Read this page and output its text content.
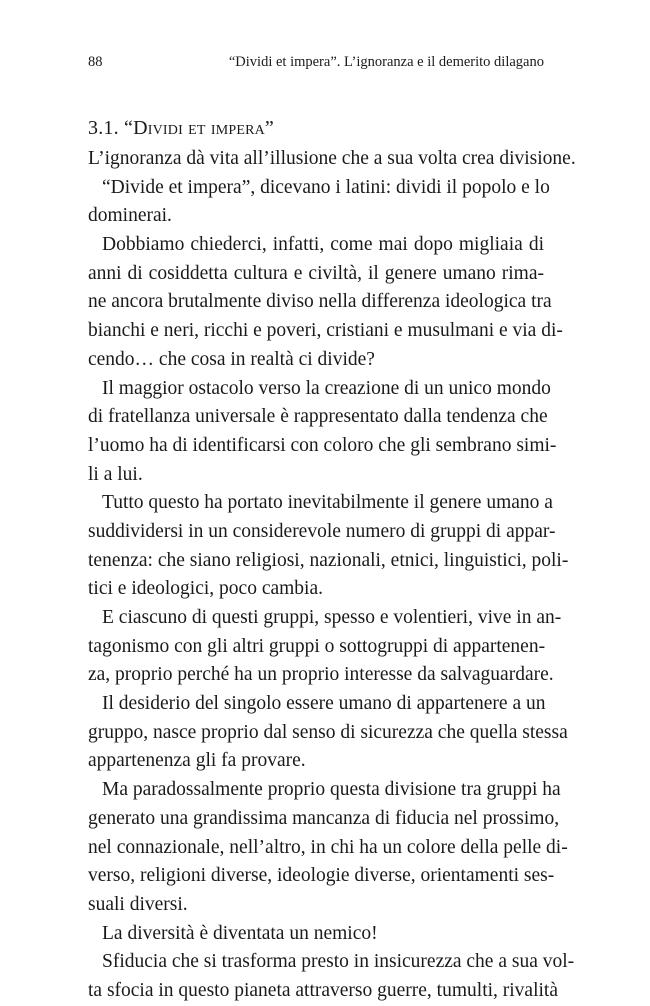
88	“Dividi et impera”. L’ignoranza e il demerito dilagano
3.1. “Dividi et impera”
L’ignoranza dà vita all’illusione che a sua volta crea divisione.
“Divide et impera”, dicevano i latini: dividi il popolo e lo
dominerai.
Dobbiamo chiederci, infatti, come mai dopo migliaia di
anni di cosiddetta cultura e civiltà, il genere umano rima-
ne ancora brutalmente diviso nella differenza ideologica tra
bianchi e neri, ricchi e poveri, cristiani e musulmani e via di-
cendo… che cosa in realtà ci divide?
Il maggior ostacolo verso la creazione di un unico mondo
di fratellanza universale è rappresentato dalla tendenza che
l’uomo ha di identificarsi con coloro che gli sembrano simi-
li a lui.
Tutto questo ha portato inevitabilmente il genere umano a
suddividersi in un considerevole numero di gruppi di appar-
tenenza: che siano religiosi, nazionali, etnici, linguistici, poli-
tici e ideologici, poco cambia.
E ciascuno di questi gruppi, spesso e volentieri, vive in an-
tagonismo con gli altri gruppi o sottogruppi di appartenen-
za, proprio perché ha un proprio interesse da salvaguardare.
Il desiderio del singolo essere umano di appartenere a un
gruppo, nasce proprio dal senso di sicurezza che quella stessa
appartenenza gli fa provare.
Ma paradossalmente proprio questa divisione tra gruppi ha
generato una grandissima mancanza di fiducia nel prossimo,
nel connazionale, nell’altro, in chi ha un colore della pelle di-
verso, religioni diverse, ideologie diverse, orientamenti ses-
suali diversi.
La diversità è diventata un nemico!
Sfiducia che si trasforma presto in insicurezza che a sua vol-
ta sfocia in questo pianeta attraverso guerre, tumulti, rivalità
